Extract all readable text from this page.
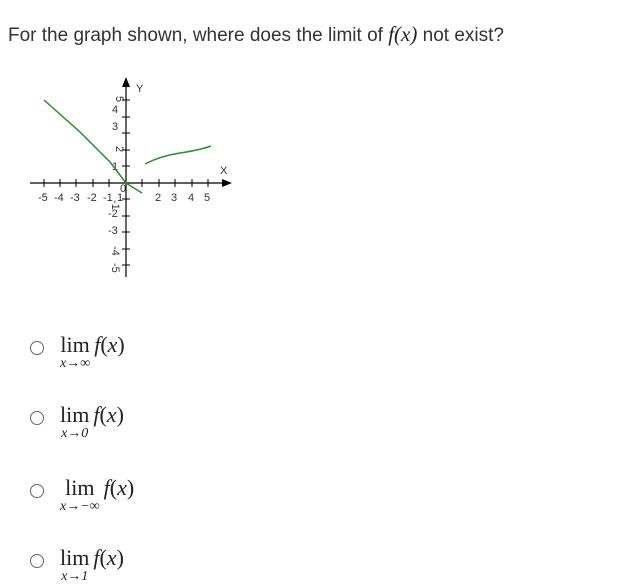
For the graph shown, where does the limit of f(x) not exist?
Y
X
-5 -4 -3 -2 -1 1	2 3 4 5
0
5
4
3
2
1
-2
-3
-4
-5
-1
lim
x→∞
f(x)
lim
x→0
f(x)
lim
x→−∞
f(x)
lim
x→1
f(x)
